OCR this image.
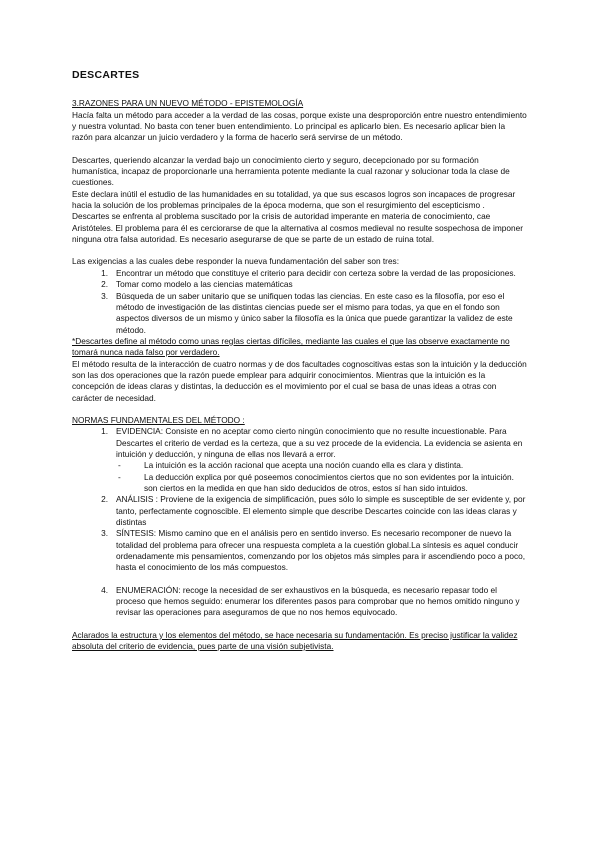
DESCARTES

3.RAZONES PARA UN NUEVO MÉTODO - EPISTEMOLOGÍA

Hacía falta un método para acceder a la verdad de las cosas, porque existe una desproporción entre nuestro entendimiento y nuestra voluntad. No basta con tener buen entendimiento. Lo principal es aplicarlo bien. Es necesario aplicar bien la razón para alcanzar un juicio verdadero y la forma de hacerlo será servirse de un método.

Descartes, queriendo alcanzar la verdad bajo un conocimiento cierto y seguro, decepcionado por su formación humanística, incapaz de proporcionarle una herramienta potente mediante la cual razonar y solucionar toda la clase de cuestiones.

Este declara inútil el estudio de las humanidades en su totalidad, ya que sus escasos logros son incapaces de progresar hacia la solución de los problemas principales de la época moderna, que son el resurgimiento del escepticismo .

Descartes se enfrenta al problema suscitado por la crisis de autoridad imperante en materia de conocimiento, cae Aristóteles. El problema para él es cerciorarse de que la alternativa al cosmos medieval no resulte sospechosa de imponer ninguna otra falsa autoridad. Es necesario asegurarse de que se parte de un estado de ruina total.

Las exigencias a las cuales debe responder la nueva fundamentación del saber son tres:

1. Encontrar un método que constituye el criterio para decidir con certeza sobre la verdad de las proposiciones.
2. Tomar como modelo a las ciencias matemáticas
3. Búsqueda de un saber unitario que se unifiquen todas las ciencias. En este caso es la filosofía, por eso el método de investigación de las distintas ciencias puede ser el mismo para todas, ya que en el fondo son aspectos diversos de un mismo y único saber la filosofía es la única que puede garantizar la validez de este método.

*Descartes define al método como unas reglas ciertas difíciles, mediante las cuales el que las observe exactamente no tomará nunca nada falso por verdadero.

El método resulta de la interacción de cuatro normas y de dos facultades cognoscitivas estas son la intuición y la deducción son las dos operaciones que la razón puede emplear para adquirir conocimientos. Mientras que la intuición es la concepción de ideas claras y distintas, la deducción es el movimiento por el cual se basa de unas ideas a otras con carácter de necesidad.

NORMAS FUNDAMENTALES DEL MÉTODO :

1. EVIDENCIA: Consiste en no aceptar como cierto ningún conocimiento que no resulte incuestionable. Para Descartes el criterio de verdad es la certeza, que a su vez procede de la evidencia. La evidencia se asienta en intuición y deducción, y ninguna de ellas nos llevará a error.
-	La intuición es la acción racional que acepta una noción cuando ella es clara y distinta.
-	La deducción explica por qué poseemos conocimientos ciertos que no son evidentes por la intuición. son ciertos en la medida en que han sido deducidos de otros, estos sí han sido intuidos.
2. ANÁLISIS : Proviene de la exigencia de simplificación, pues sólo lo simple es susceptible de ser evidente y, por tanto, perfectamente cognoscible. El elemento simple que describe Descartes coincide con las ideas claras y distintas
3. SÍNTESIS: Mismo camino que en el análisis pero en sentido inverso. Es necesario recomponer de nuevo la totalidad del problema para ofrecer una respuesta completa a la cuestión global.La síntesis es aquel conducir ordenadamente mis pensamientos, comenzando por los objetos más simples para ir ascendiendo poco a poco, hasta el conocimiento de los más compuestos.
4. ENUMERACIÓN: recoge la necesidad de ser exhaustivos en la búsqueda, es necesario repasar todo el proceso que hemos seguido: enumerar los diferentes pasos para comprobar que no hemos omitido ninguno y revisar las operaciones para aseguramos de que no nos hemos equivocado.

Aclarados la estructura y los elementos del método, se hace necesaria su fundamentación. Es preciso justificar la validez absoluta del criterio de evidencia, pues parte de una visión subjetivista.
